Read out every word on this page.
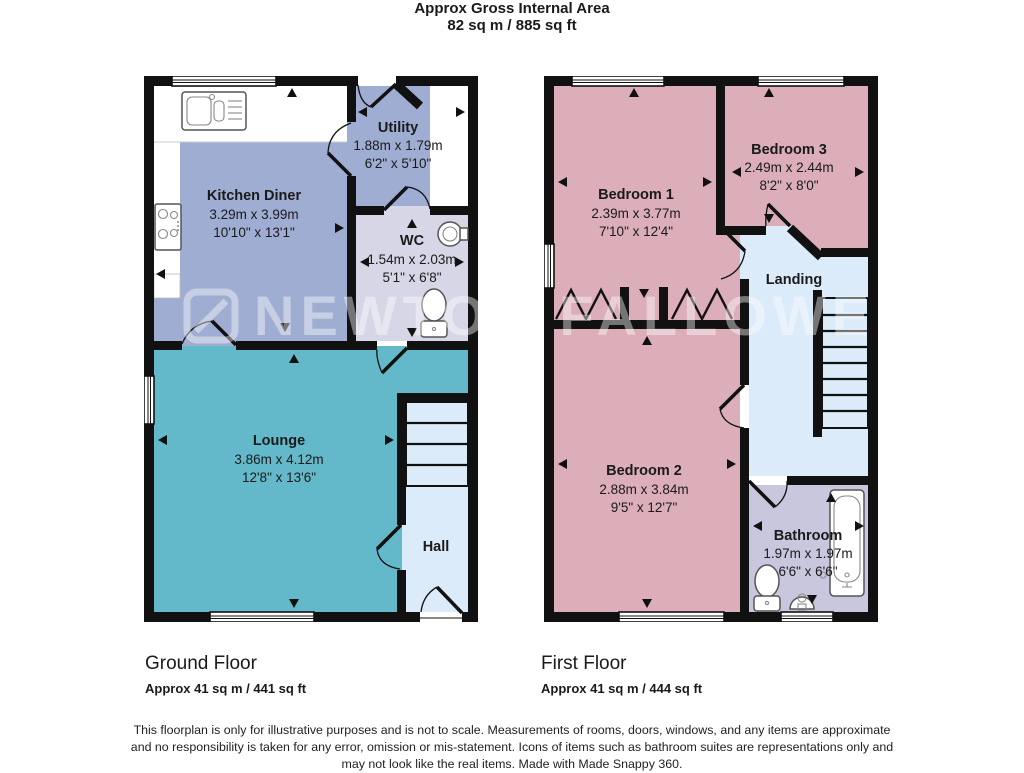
Approx Gross Internal Area
82 sq m / 885 sq ft
Kitchen Diner
3.29m x 3.99m
10'10" x 13'1"
Utility
1.88m x 1.79m
6'2" x 5'10"
WC
1.54m x 2.03m
5'1" x 6'8"
Lounge
3.86m x 4.12m
12'8" x 13'6"
Hall
Bedroom 1
2.39m x 3.77m
7'10" x 12'4"
Bedroom 3
2.49m x 2.44m
8'2" x 8'0"
Landing
Bedroom 2
2.88m x 3.84m
9'5" x 12'7"
Bathroom
1.97m x 1.97m
6'6" x 6'6"
NEWTON FALLOWELL
Ground Floor
Approx 41 sq m / 441 sq ft
First Floor
Approx 41 sq m / 444 sq ft
This floorplan is only for illustrative purposes and is not to scale. Measurements of rooms, doors, windows, and any items are approximate
and no responsibility is taken for any error, omission or mis-statement. Icons of items such as bathroom suites are representations only and
may not look like the real items. Made with Made Snappy 360.
